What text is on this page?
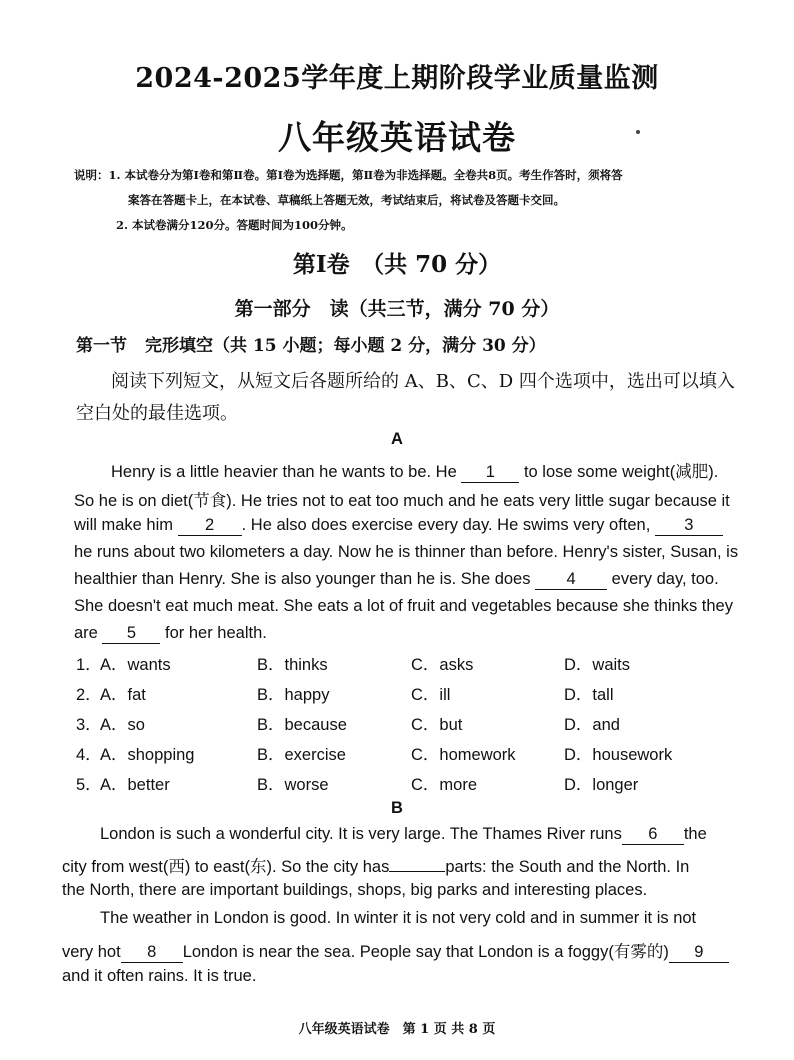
2024-2025学年度上期阶段学业质量监测
八年级英语试卷
说明：1. 本试卷分为第Ⅰ卷和第Ⅱ卷。第Ⅰ卷为选择题，第Ⅱ卷为非选择题。全卷共8页。考生作答时，须将答
案答在答题卡上，在本试卷、草稿纸上答题无效，考试结束后，将试卷及答题卡交回。
2. 本试卷满分120分。答题时间为100分钟。
第Ⅰ卷　（共 70 分）
第一部分　读（共三节，满分 70 分）
第一节 完形填空（共 15 小题；每小题 2 分，满分 30 分）
阅读下列短文，从短文后各题所给的 A、B、C、D 四个选项中，选出可以填入
空白处的最佳选项。
A
Henry is a little heavier than he wants to be. He 1 to lose some weight(减肥).
So he is on diet(节食). He tries not to eat too much and he eats very little sugar because it
will make him 2 . He also does exercise every day. He swims very often, 3
he runs about two kilometers a day. Now he is thinner than before. Henry's sister, Susan, is
healthier than Henry. She is also younger than he is. She does 4 every day, too.
She doesn't eat much meat. She eats a lot of fruit and vegetables because she thinks they
are 5 for her health.
1．
A．wants	B．thinks	C．asks	D．waits
2．
A．fat	B．happy	C．ill	D．tall
3．
A．so	B．because	C．but	D．and
4．
A．shopping	B．exercise	C．homework	D．housework
5．
A．better	B．worse	C．more	D．longer
B
London is such a wonderful city. It is very large. The Thames River runs 6 the
city from west(西) to east(东). So the city has	parts: the South and the North. In
the North, there are important buildings, shops, big parks and interesting places.
The weather in London is good. In winter it is not very cold and in summer it is not
very hot 8 London is near the sea. People say that London is a foggy(有雾的) 9
and it often rains. It is true.
八年级英语试卷　第 1 页 共 8 页
